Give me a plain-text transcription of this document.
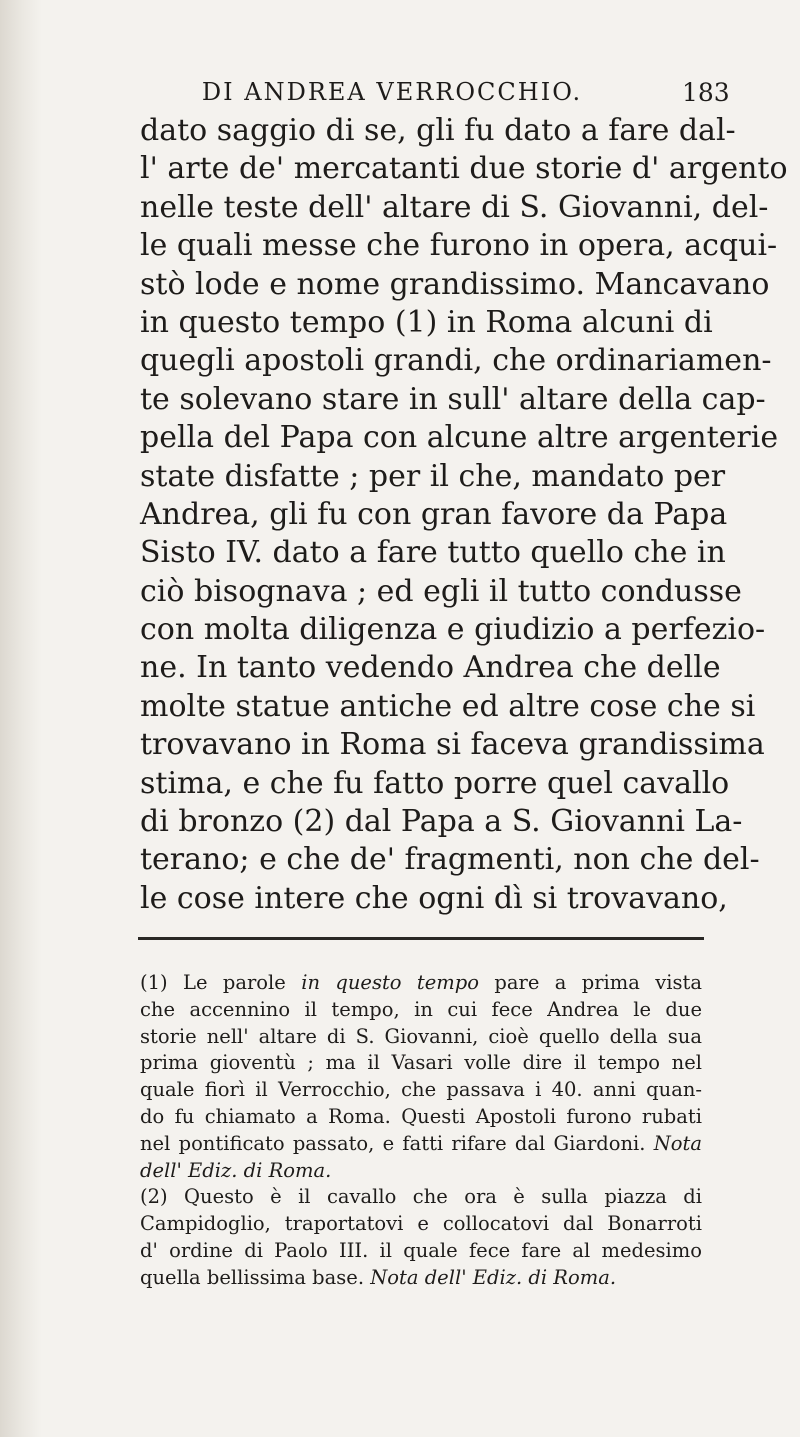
DI ANDREA VERROCCHIO.	183
dato saggio di se, gli fu dato a fare dal-
l' arte de' mercatanti due storie d' argento
nelle teste dell' altare di S. Giovanni, del-
le quali messe che furono in opera, acqui-
stò lode e nome grandissimo. Mancavano
in questo tempo (1) in Roma alcuni di
quegli apostoli grandi, che ordinariamen-
te solevano stare in sull' altare della cap-
pella del Papa con alcune altre argenterie
state disfatte ; per il che, mandato per
Andrea, gli fu con gran favore da Papa
Sisto IV. dato a fare tutto quello che in
ciò bisognava ; ed egli il tutto condusse
con molta diligenza e giudizio a perfezio-
ne. In tanto vedendo Andrea che delle
molte statue antiche ed altre cose che si
trovavano in Roma si faceva grandissima
stima, e che fu fatto porre quel cavallo
di bronzo (2) dal Papa a S. Giovanni La-
terano; e che de' fragmenti, non che del-
le cose intere che ogni dì si trovavano,
(1) Le parole in questo tempo pare a prima vista
che accennino il tempo, in cui fece Andrea le due
storie nell' altare di S. Giovanni, cioè quello della sua
prima gioventù ; ma il Vasari volle dire il tempo nel
quale fiorì il Verrocchio, che passava i 40. anni quan-
do fu chiamato a Roma. Questi Apostoli furono rubati
nel pontificato passato, e fatti rifare dal Giardoni. Nota
dell' Ediz. di Roma.
(2) Questo è il cavallo che ora è sulla piazza di
Campidoglio, traportatovi e collocatovi dal Bonarroti
d' ordine di Paolo III. il quale fece fare al medesimo
quella bellissima base. Nota dell' Ediz. di Roma.
